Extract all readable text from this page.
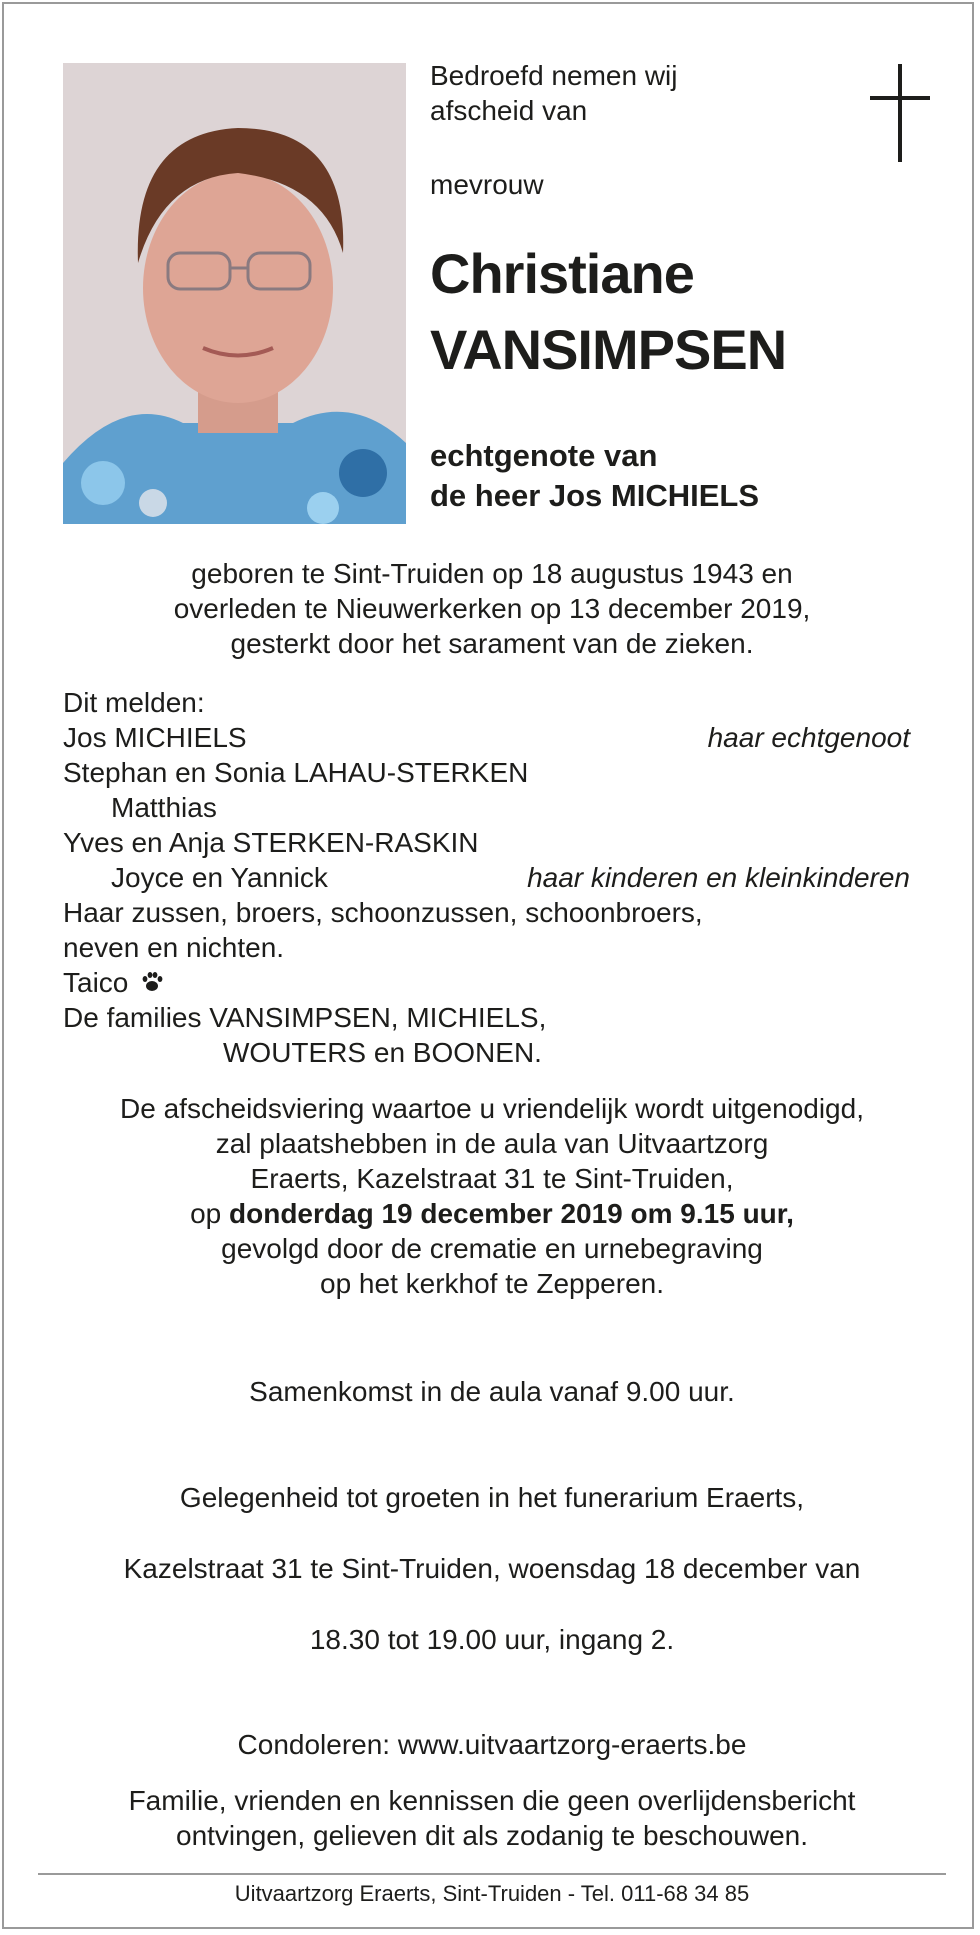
Bedroefd nemen wij
afscheid van
mevrouw
Christiane
VANSIMPSEN
echtgenote van
de heer Jos MICHIELS
geboren te Sint-Truiden op 18 augustus 1943 en
overleden te Nieuwerkerken op 13 december 2019,
gesterkt door het sarament van de zieken.
Dit melden:
Jos MICHIELS	haar echtgenoot
Stephan en Sonia LAHAU-STERKEN
Matthias
Yves en Anja STERKEN-RASKIN
Joyce en Yannick	haar kinderen en kleinkinderen
Haar zussen, broers, schoonzussen, schoonbroers,
neven en nichten.
Taico
De families VANSIMPSEN, MICHIELS,
WOUTERS en BOONEN.
De afscheidsviering waartoe u vriendelijk wordt uitgenodigd,
zal plaatshebben in de aula van Uitvaartzorg
Eraerts, Kazelstraat 31 te Sint-Truiden,
op donderdag 19 december 2019 om 9.15 uur,
gevolgd door de crematie en urnebegraving
op het kerkhof te Zepperen.
Samenkomst in de aula vanaf 9.00 uur.
Gelegenheid tot groeten in het funerarium Eraerts,
Kazelstraat 31 te Sint-Truiden, woensdag 18 december van
18.30 tot 19.00 uur, ingang 2.
Condoleren: www.uitvaartzorg-eraerts.be
Familie, vrienden en kennissen die geen overlijdensbericht
ontvingen, gelieven dit als zodanig te beschouwen.
Uitvaartzorg Eraerts, Sint-Truiden - Tel. 011-68 34 85
